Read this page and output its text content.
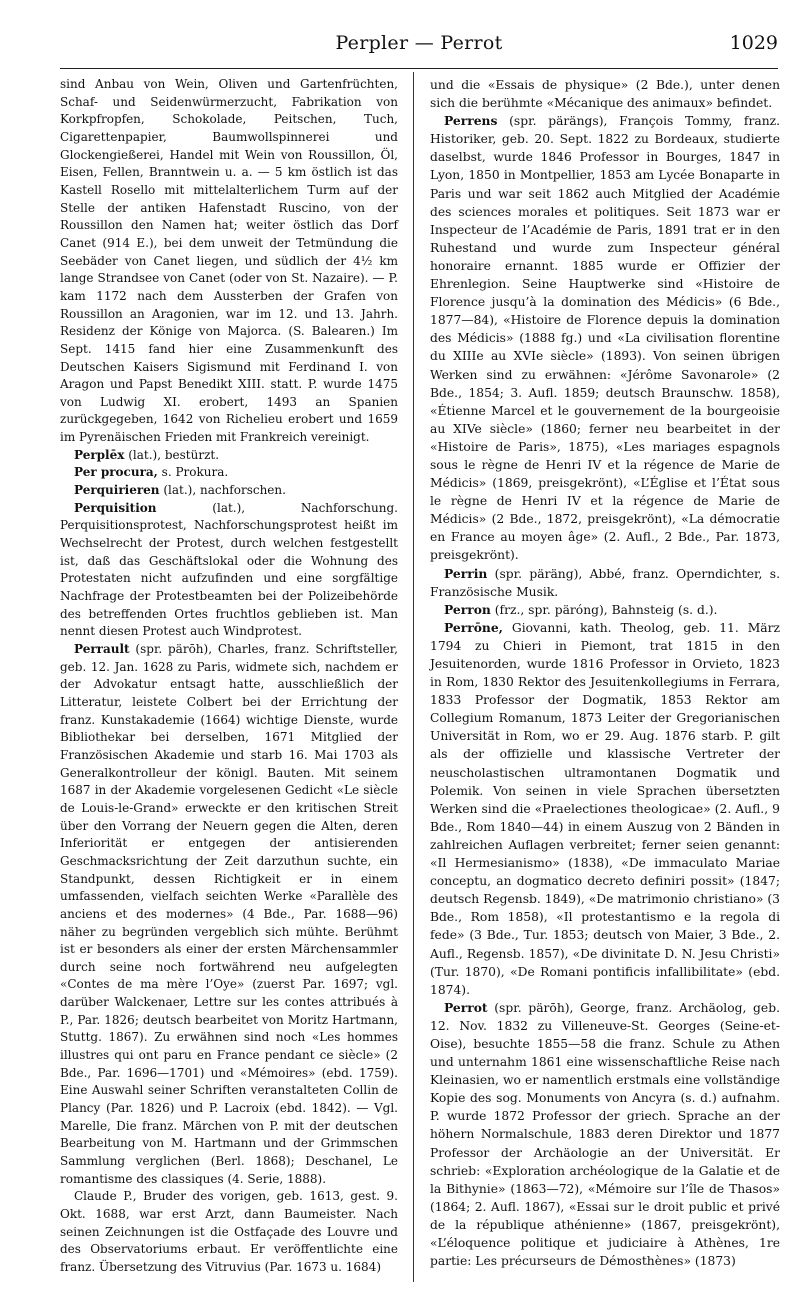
Perpler — Perrot	1029

sind Anbau von Wein, Oliven und Gartenfrüchten, Schaf- und Seidenwürmerzucht, Fabrikation von Korkpfropfen, Schokolade, Peitschen, Tuch, Cigarettenpapier, Baumwollspinnerei und Glockengießerei, Handel mit Wein von Roussillon, Öl, Eisen, Fellen, Branntwein u. a. — 5 km östlich ist das Kastell Rosello mit mittelalterlichem Turm auf der Stelle der antiken Hafenstadt Ruscino, von der Roussillon den Namen hat; weiter östlich das Dorf Canet (914 E.), bei dem unweit der Tetmündung die Seebäder von Canet liegen, und südlich der 4½ km lange Strandsee von Canet (oder von St. Nazaire). — P. kam 1172 nach dem Aussterben der Grafen von Roussillon an Aragonien, war im 12. und 13. Jahrh. Residenz der Könige von Majorca. (S. Balearen.) Im Sept. 1415 fand hier eine Zusammenkunft des Deutschen Kaisers Sigismund mit Ferdinand I. von Aragon und Papst Benedikt XIII. statt. P. wurde 1475 von Ludwig XI. erobert, 1493 an Spanien zurückgegeben, 1642 von Richelieu erobert und 1659 im Pyrenäischen Frieden mit Frankreich vereinigt.

Perplēx (lat.), bestürzt.

Per procura, s. Prokura.

Perquirieren (lat.), nachforschen.

Perquisition (lat.), Nachforschung. Perquisitionsprotest, Nachforschungsprotest heißt im Wechselrecht der Protest, durch welchen festgestellt ist, daß das Geschäftslokal oder die Wohnung des Protestaten nicht aufzufinden und eine sorgfältige Nachfrage der Protestbeamten bei der Polizeibehörde des betreffenden Ortes fruchtlos geblieben ist. Man nennt diesen Protest auch Windprotest.

Perrault (spr. pärōh), Charles, franz. Schriftsteller, geb. 12. Jan. 1628 zu Paris, widmete sich, nachdem er der Advokatur entsagt hatte, ausschließlich der Litteratur, leistete Colbert bei der Errichtung der franz. Kunstakademie (1664) wichtige Dienste, wurde Bibliothekar bei derselben, 1671 Mitglied der Französischen Akademie und starb 16. Mai 1703 als Generalkontrolleur der königl. Bauten. Mit seinem 1687 in der Akademie vorgelesenen Gedicht «Le siècle de Louis-le-Grand» erweckte er den kritischen Streit über den Vorrang der Neuern gegen die Alten, deren Inferiorität er entgegen der antisierenden Geschmacksrichtung der Zeit darzuthun suchte, ein Standpunkt, dessen Richtigkeit er in einem umfassenden, vielfach seichten Werke «Parallèle des anciens et des modernes» (4 Bde., Par. 1688—96) näher zu begründen vergeblich sich mühte. Berühmt ist er besonders als einer der ersten Märchensammler durch seine noch fortwährend neu aufgelegten «Contes de ma mère l’Oye» (zuerst Par. 1697; vgl. darüber Walckenaer, Lettre sur les contes attribués à P., Par. 1826; deutsch bearbeitet von Moritz Hartmann, Stuttg. 1867). Zu erwähnen sind noch «Les hommes illustres qui ont paru en France pendant ce siècle» (2 Bde., Par. 1696—1701) und «Mémoires» (ebd. 1759). Eine Auswahl seiner Schriften veranstalteten Collin de Plancy (Par. 1826) und P. Lacroix (ebd. 1842). — Vgl. Marelle, Die franz. Märchen von P. mit der deutschen Bearbeitung von M. Hartmann und der Grimmschen Sammlung verglichen (Berl. 1868); Deschanel, Le romantisme des classiques (4. Serie, 1888).

Claude P., Bruder des vorigen, geb. 1613, gest. 9. Okt. 1688, war erst Arzt, dann Baumeister. Nach seinen Zeichnungen ist die Ostfaçade des Louvre und des Observatoriums erbaut. Er veröffentlichte eine franz. Übersetzung des Vitruvius (Par. 1673 u. 1684)

und die «Essais de physique» (2 Bde.), unter denen sich die berühmte «Mécanique des animaux» befindet.

Perrens (spr. pärängs), François Tommy, franz. Historiker, geb. 20. Sept. 1822 zu Bordeaux, studierte daselbst, wurde 1846 Professor in Bourges, 1847 in Lyon, 1850 in Montpellier, 1853 am Lycée Bonaparte in Paris und war seit 1862 auch Mitglied der Académie des sciences morales et politiques. Seit 1873 war er Inspecteur de l’Académie de Paris, 1891 trat er in den Ruhestand und wurde zum Inspecteur général honoraire ernannt. 1885 wurde er Offizier der Ehrenlegion. Seine Hauptwerke sind «Histoire de Florence jusqu’à la domination des Médicis» (6 Bde., 1877—84), «Histoire de Florence depuis la domination des Médicis» (1888 fg.) und «La civilisation florentine du XIIIe au XVIe siècle» (1893). Von seinen übrigen Werken sind zu erwähnen: «Jérôme Savonarole» (2 Bde., 1854; 3. Aufl. 1859; deutsch Braunschw. 1858), «Étienne Marcel et le gouvernement de la bourgeoisie au XIVe siècle» (1860; ferner neu bearbeitet in der «Histoire de Paris», 1875), «Les mariages espagnols sous le règne de Henri IV et la régence de Marie de Médicis» (1869, preisgekrönt), «L’Église et l’État sous le règne de Henri IV et la régence de Marie de Médicis» (2 Bde., 1872, preisgekrönt), «La démocratie en France au moyen âge» (2. Aufl., 2 Bde., Par. 1873, preisgekrönt).

Perrin (spr. päräng), Abbé, franz. Operndichter, s. Französische Musik.

Perron (frz., spr. päróng), Bahnsteig (s. d.).

Perrōne, Giovanni, kath. Theolog, geb. 11. März 1794 zu Chieri in Piemont, trat 1815 in den Jesuitenorden, wurde 1816 Professor in Orvieto, 1823 in Rom, 1830 Rektor des Jesuitenkollegiums in Ferrara, 1833 Professor der Dogmatik, 1853 Rektor am Collegium Romanum, 1873 Leiter der Gregorianischen Universität in Rom, wo er 29. Aug. 1876 starb. P. gilt als der offizielle und klassische Vertreter der neuscholastischen ultramontanen Dogmatik und Polemik. Von seinen in viele Sprachen übersetzten Werken sind die «Praelectiones theologicae» (2. Aufl., 9 Bde., Rom 1840—44) in einem Auszug von 2 Bänden in zahlreichen Auflagen verbreitet; ferner seien genannt: «Il Hermesianismo» (1838), «De immaculato Mariae conceptu, an dogmatico decreto definiri possit» (1847; deutsch Regensb. 1849), «De matrimonio christiano» (3 Bde., Rom 1858), «Il protestantismo e la regola di fede» (3 Bde., Tur. 1853; deutsch von Maier, 3 Bde., 2. Aufl., Regensb. 1857), «De divinitate D. N. Jesu Christi» (Tur. 1870), «De Romani pontificis infallibilitate» (ebd. 1874).

Perrot (spr. pärōh), George, franz. Archäolog, geb. 12. Nov. 1832 zu Villeneuve-St. Georges (Seine-et-Oise), besuchte 1855—58 die franz. Schule zu Athen und unternahm 1861 eine wissenschaftliche Reise nach Kleinasien, wo er namentlich erstmals eine vollständige Kopie des sog. Monuments von Ancyra (s. d.) aufnahm. P. wurde 1872 Professor der griech. Sprache an der höhern Normalschule, 1883 deren Direktor und 1877 Professor der Archäologie an der Universität. Er schrieb: «Exploration archéologique de la Galatie et de la Bithynie» (1863—72), «Mémoire sur l’île de Thasos» (1864; 2. Aufl. 1867), «Essai sur le droit public et privé de la république athénienne» (1867, preisgekrönt), «L’éloquence politique et judiciaire à Athènes, 1re partie: Les précurseurs de Démosthènes» (1873)
